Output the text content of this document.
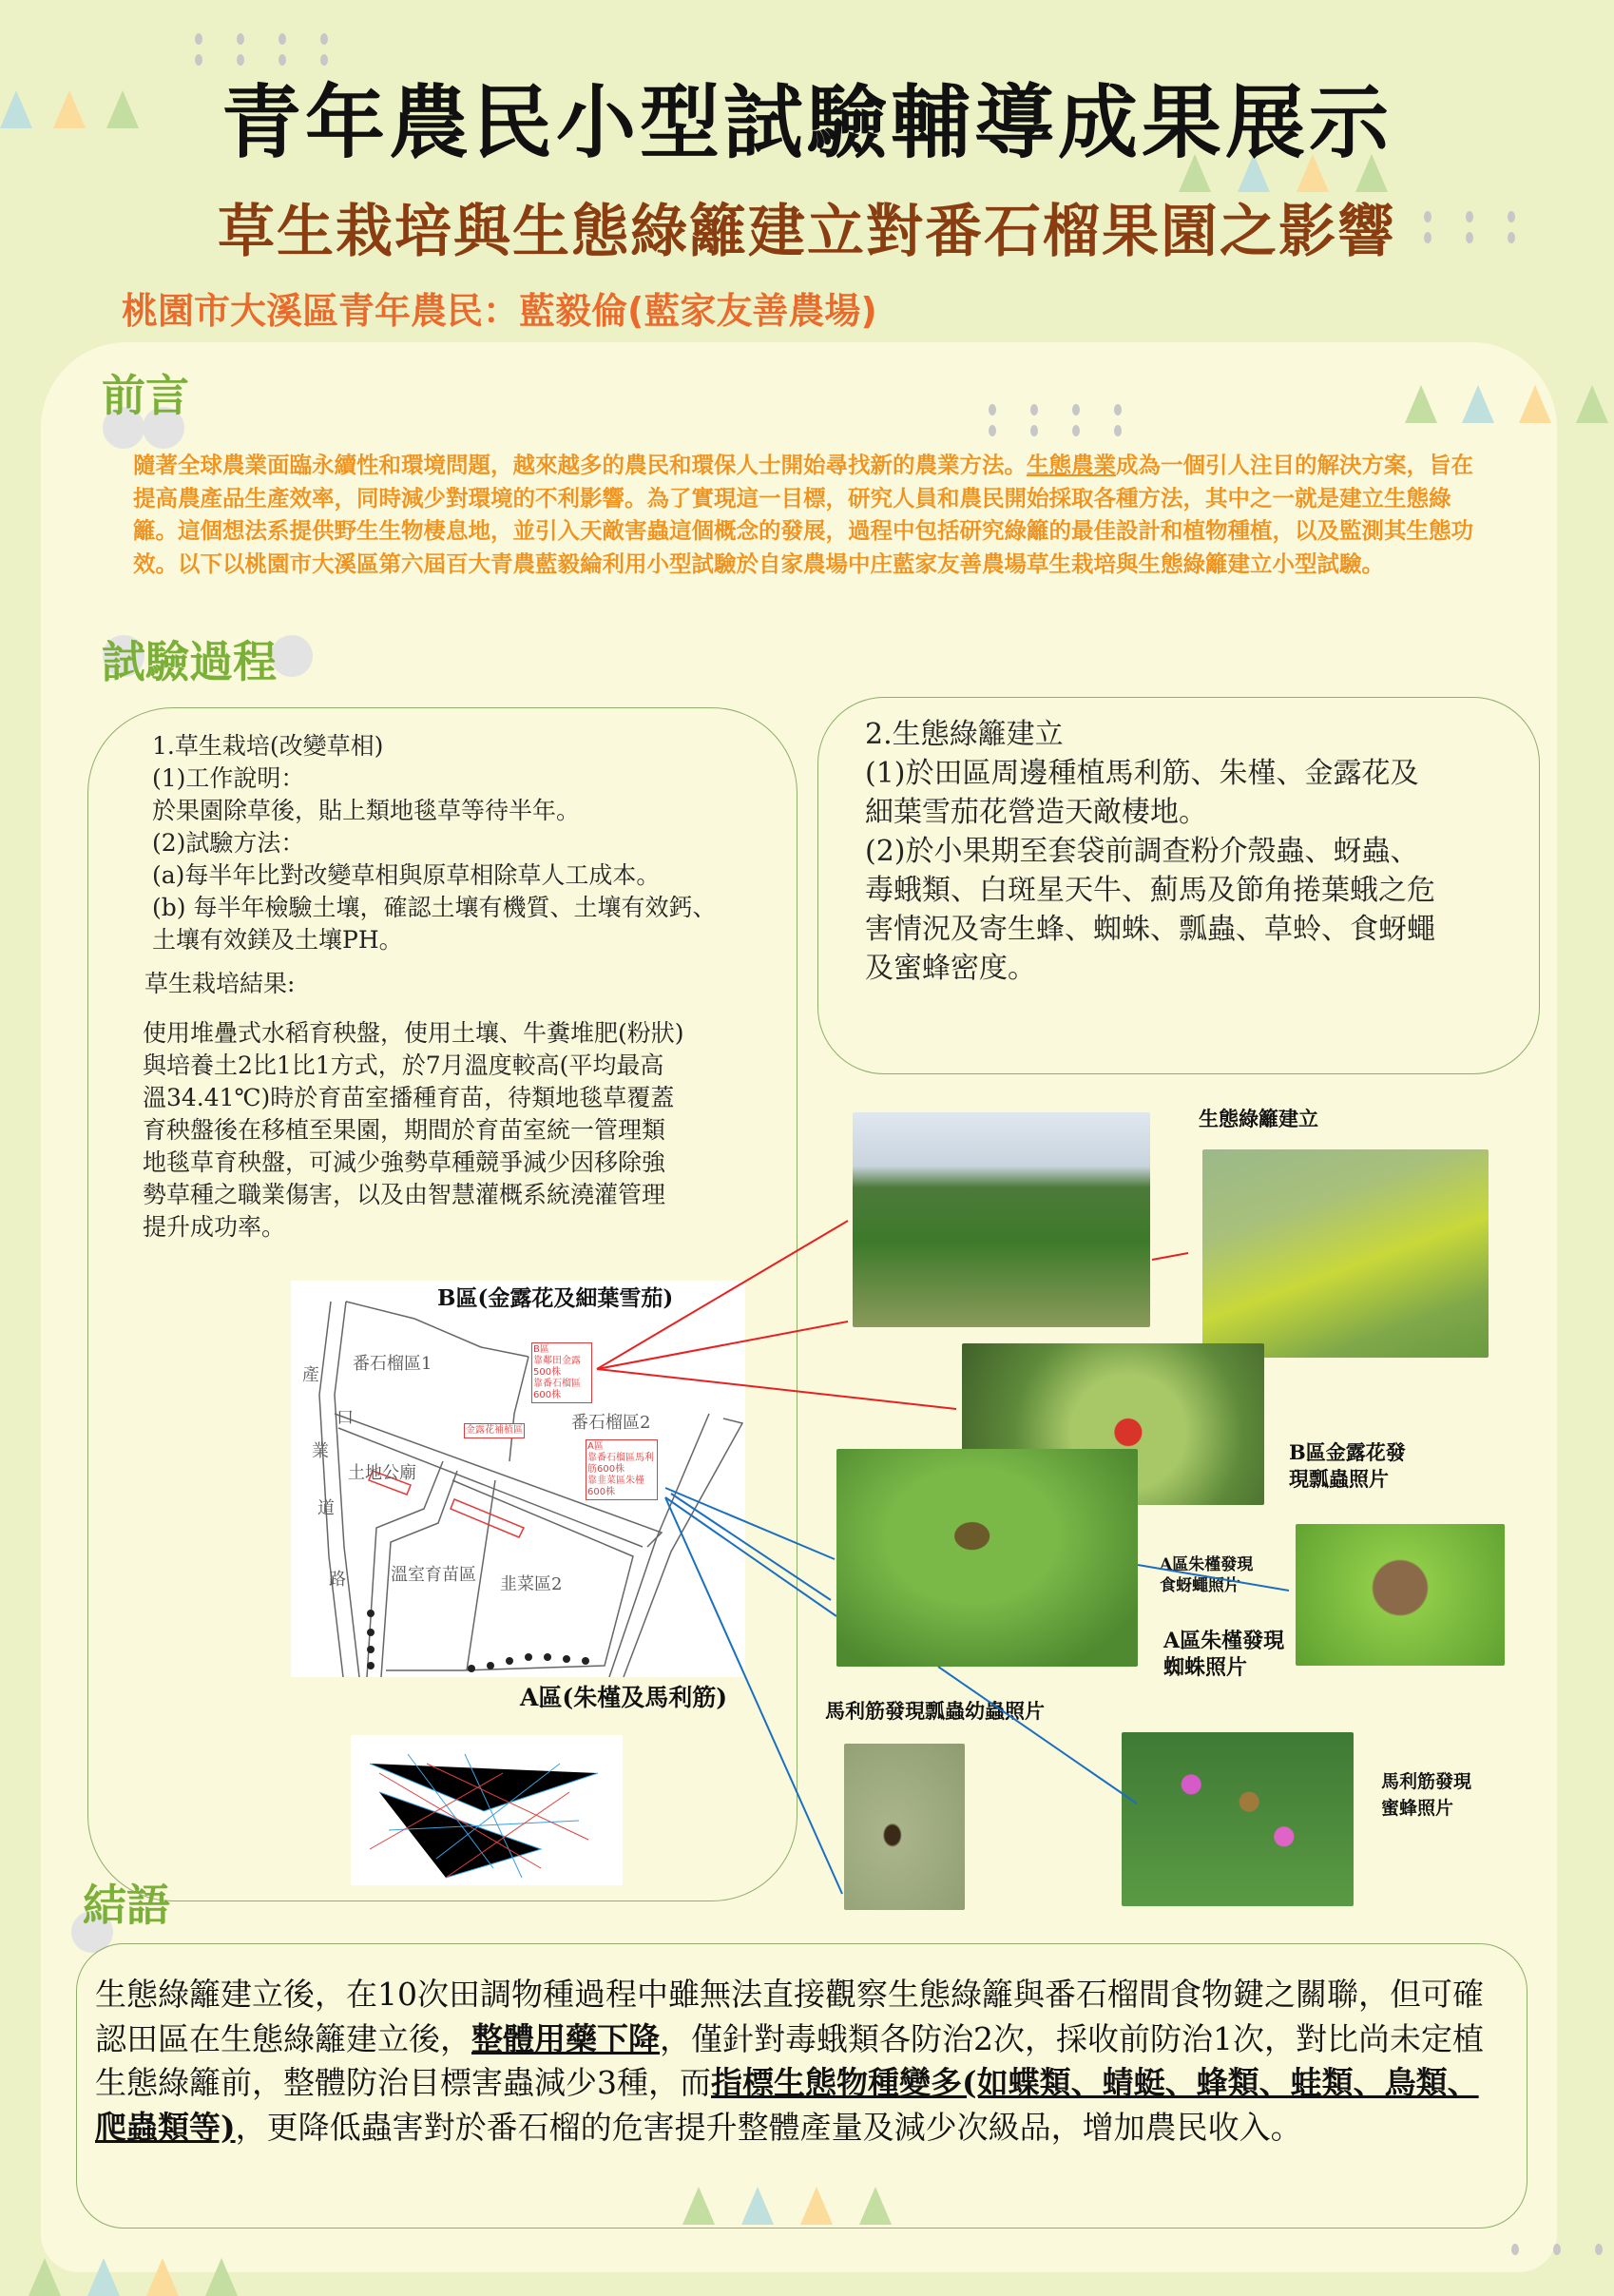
青年農民小型試驗輔導成果展示
草生栽培與生態綠籬建立對番石榴果園之影響
桃園市大溪區青年農民：藍毅倫(藍家友善農場)
前言
隨著全球農業面臨永續性和環境問題，越來越多的農民和環保人士開始尋找新的農業方法。生態農業成為一個引人注目的解決方案，旨在提高農產品生產效率，同時減少對環境的不利影響。為了實現這一目標，研究人員和農民開始採取各種方法，其中之一就是建立生態綠籬。這個想法系提供野生生物棲息地，並引入天敵害蟲這個概念的發展，過程中包括研究綠籬的最佳設計和植物種植，以及監測其生態功效。以下以桃園市大溪區第六屆百大青農藍毅綸利用小型試驗於自家農場中庄藍家友善農場草生栽培與生態綠籬建立小型試驗。
試驗過程
1.草生栽培(改變草相)
(1)工作說明：
於果園除草後，貼上類地毯草等待半年。
(2)試驗方法：
(a)每半年比對改變草相與原草相除草人工成本。
(b) 每半年檢驗土壤，確認土壤有機質、土壤有效鈣、土壤有效鎂及土壤PH。
草生栽培結果:
使用堆疊式水稻育秧盤，使用土壤、牛糞堆肥(粉狀)與培養土2比1比1方式，於7月溫度較高(平均最高溫34.41℃)時於育苗室播種育苗，待類地毯草覆蓋育秧盤後在移植至果園，期間於育苗室統一管理類地毯草育秧盤，可減少強勢草種競爭減少因移除強勢草種之職業傷害，以及由智慧灌概系統澆灌管理提升成功率。
番石榴區1
番石榴區2
土地公廟
溫室育苗區 韭菜區2
產
業
道
路
口
B區
靠鄰田金露
500株
靠番石榴區
600株
A區
靠番石榴區馬利
筋600株
靠韭菜區朱槿
600株
金露花補植區
B區(金露花及細葉雪茄)
A區(朱槿及馬利筋)
2.生態綠籬建立
(1)於田區周邊種植馬利筋、朱槿、金露花及細葉雪茄花營造天敵棲地。
(2)於小果期至套袋前調查粉介殼蟲、蚜蟲、毒蛾類、白斑星天牛、薊馬及節角捲葉蛾之危害情況及寄生蜂、蜘蛛、瓢蟲、草蛉、食蚜蠅及蜜蜂密度。
生態綠籬建立
B區金露花發
現瓢蟲照片
A區朱槿發現
食蚜蠅照片
A區朱槿發現
蜘蛛照片
馬利筋發現瓢蟲幼蟲照片
馬利筋發現
蜜蜂照片
結語
生態綠籬建立後，在10次田調物種過程中雖無法直接觀察生態綠籬與番石榴間食物鍵之關聯，但可確認田區在生態綠籬建立後，整體用藥下降，僅針對毒蛾類各防治2次，採收前防治1次，對比尚未定植生態綠籬前，整體防治目標害蟲減少3種，而指標生態物種變多(如蝶類、蜻蜓、蜂類、蛙類、鳥類、爬蟲類等)，更降低蟲害對於番石榴的危害提升整體產量及減少次級品，增加農民收入。
